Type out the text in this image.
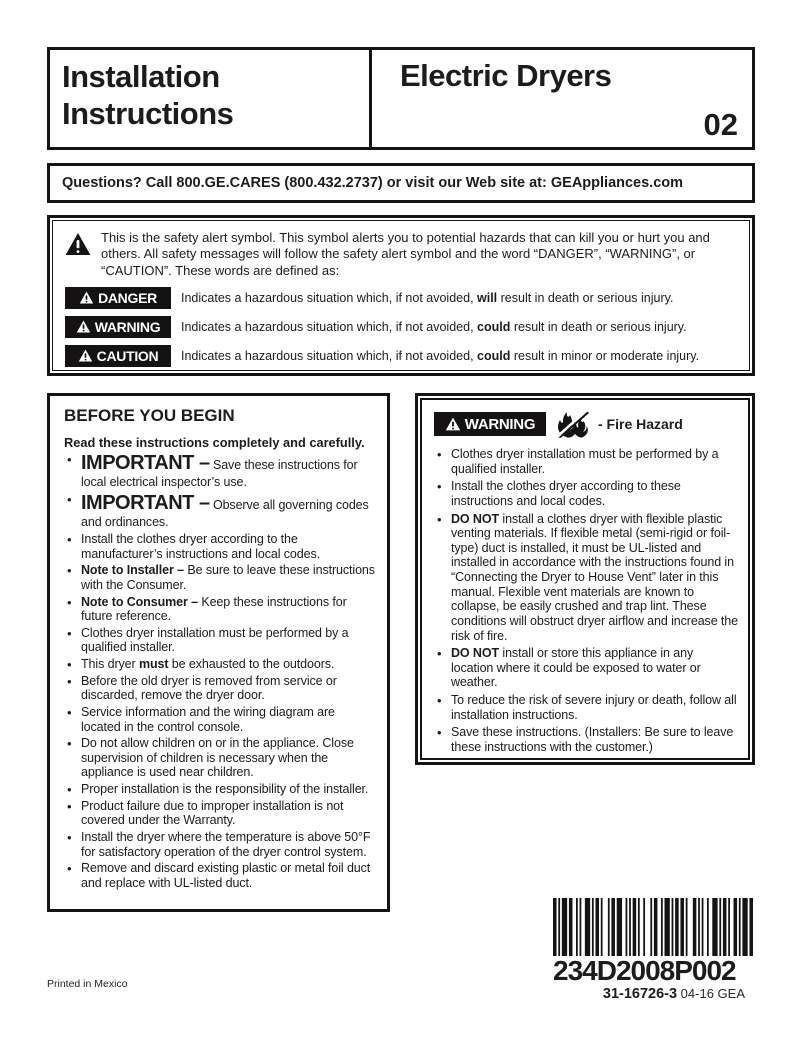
Installation
Instructions
Electric Dryers
02
Questions? Call 800.GE.CARES (800.432.2737) or visit our Web site at: GEAppliances.com
This is the safety alert symbol. This symbol alerts you to potential hazards that can kill you or hurt you and others. All safety messages will follow the safety alert symbol and the word “DANGER”, “WARNING”, or “CAUTION”. These words are defined as:
DANGER Indicates a hazardous situation which, if not avoided, will result in death or serious injury.
WARNING Indicates a hazardous situation which, if not avoided, could result in death or serious injury.
CAUTION Indicates a hazardous situation which, if not avoided, could result in minor or moderate injury.
BEFORE YOU BEGIN
Read these instructions completely and carefully.
• IMPORTANT – Save these instructions for local electrical inspector’s use.
• IMPORTANT – Observe all governing codes and ordinances.
• Install the clothes dryer according to the manufacturer’s instructions and local codes.
• Note to Installer – Be sure to leave these instructions with the Consumer.
• Note to Consumer – Keep these instructions for future reference.
• Clothes dryer installation must be performed by a qualified installer.
• This dryer must be exhausted to the outdoors.
• Before the old dryer is removed from service or discarded, remove the dryer door.
• Service information and the wiring diagram are located in the control console.
• Do not allow children on or in the appliance. Close supervision of children is necessary when the appliance is used near children.
• Proper installation is the responsibility of the installer.
• Product failure due to improper installation is not covered under the Warranty.
• Install the dryer where the temperature is above 50°F for satisfactory operation of the dryer control system.
• Remove and discard existing plastic or metal foil duct and replace with UL-listed duct.
WARNING	- Fire Hazard
• Clothes dryer installation must be performed by a qualified installer.
• Install the clothes dryer according to these instructions and local codes.
• DO NOT install a clothes dryer with flexible plastic venting materials. If flexible metal (semi-rigid or foil-type) duct is installed, it must be UL-listed and installed in accordance with the instructions found in “Connecting the Dryer to House Vent” later in this manual. Flexible vent materials are known to collapse, be easily crushed and trap lint. These conditions will obstruct dryer airflow and increase the risk of fire.
• DO NOT install or store this appliance in any location where it could be exposed to water or weather.
• To reduce the risk of severe injury or death, follow all installation instructions.
• Save these instructions. (Installers: Be sure to leave these instructions with the customer.)
234D2008P002
31-16726-3 04-16 GEA
Printed in Mexico
